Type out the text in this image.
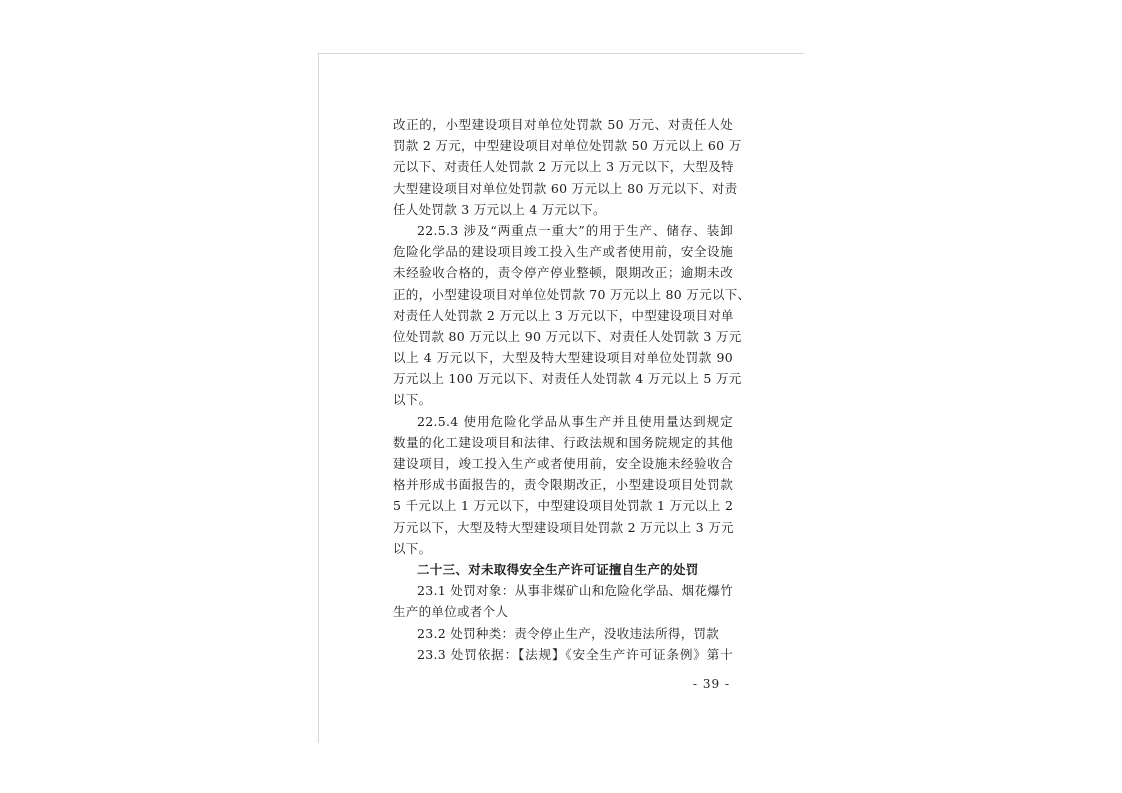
改正的，小型建设项目对单位处罚款 50 万元、对责任人处
罚款 2 万元，中型建设项目对单位处罚款 50 万元以上 60 万
元以下、对责任人处罚款 2 万元以上 3 万元以下，大型及特
大型建设项目对单位处罚款 60 万元以上 80 万元以下、对责
任人处罚款 3 万元以上 4 万元以下。
22.5.3 涉及“两重点一重大”的用于生产、储存、装卸
危险化学品的建设项目竣工投入生产或者使用前，安全设施
未经验收合格的，责令停产停业整顿，限期改正；逾期未改
正的，小型建设项目对单位处罚款 70 万元以上 80 万元以下、
对责任人处罚款 2 万元以上 3 万元以下，中型建设项目对单
位处罚款 80 万元以上 90 万元以下、对责任人处罚款 3 万元
以上 4 万元以下，大型及特大型建设项目对单位处罚款 90
万元以上 100 万元以下、对责任人处罚款 4 万元以上 5 万元
以下。
22.5.4 使用危险化学品从事生产并且使用量达到规定
数量的化工建设项目和法律、行政法规和国务院规定的其他
建设项目，竣工投入生产或者使用前，安全设施未经验收合
格并形成书面报告的，责令限期改正，小型建设项目处罚款
5 千元以上 1 万元以下，中型建设项目处罚款 1 万元以上 2
万元以下，大型及特大型建设项目处罚款 2 万元以上 3 万元
以下。
二十三、对未取得安全生产许可证擅自生产的处罚
23.1 处罚对象：从事非煤矿山和危险化学品、烟花爆竹
生产的单位或者个人
23.2 处罚种类：责令停止生产，没收违法所得，罚款
23.3 处罚依据：【法规】《安全生产许可证条例》第十
- 39 -
